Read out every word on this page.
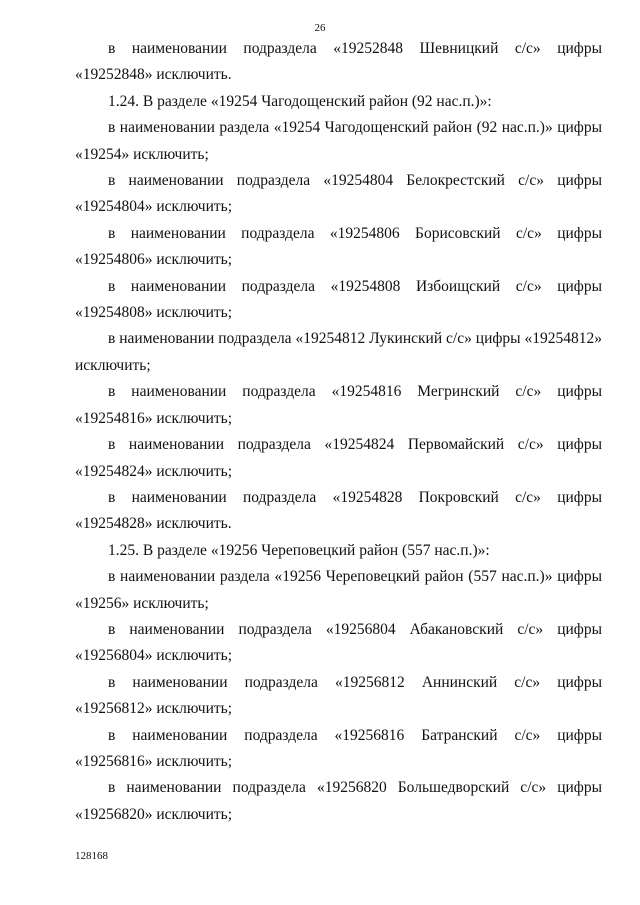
26

в наименовании подраздела «19252848 Шевницкий с/с» цифры «19252848» исключить.

1.24. В разделе «19254 Чагодощенский район (92 нас.п.)»:

в наименовании раздела «19254 Чагодощенский район (92 нас.п.)» цифры «19254» исключить;

в наименовании подраздела «19254804 Белокрестский с/с» цифры «19254804» исключить;

в наименовании подраздела «19254806 Борисовский с/с» цифры «19254806» исключить;

в наименовании подраздела «19254808 Избоищский с/с» цифры «19254808» исключить;

в наименовании подраздела «19254812 Лукинский с/с» цифры «19254812» исключить;

в наименовании подраздела «19254816 Мегринский с/с» цифры «19254816» исключить;

в наименовании подраздела «19254824 Первомайский с/с» цифры «19254824» исключить;

в наименовании подраздела «19254828 Покровский с/с» цифры «19254828» исключить.

1.25. В разделе «19256 Череповецкий район (557 нас.п.)»:

в наименовании раздела «19256 Череповецкий район (557 нас.п.)» цифры «19256» исключить;

в наименовании подраздела «19256804 Абакановский с/с» цифры «19256804» исключить;

в наименовании подраздела «19256812 Аннинский с/с» цифры «19256812» исключить;

в наименовании подраздела «19256816 Батранский с/с» цифры «19256816» исключить;

в наименовании подраздела «19256820 Большедворский с/с» цифры «19256820» исключить;

128168
